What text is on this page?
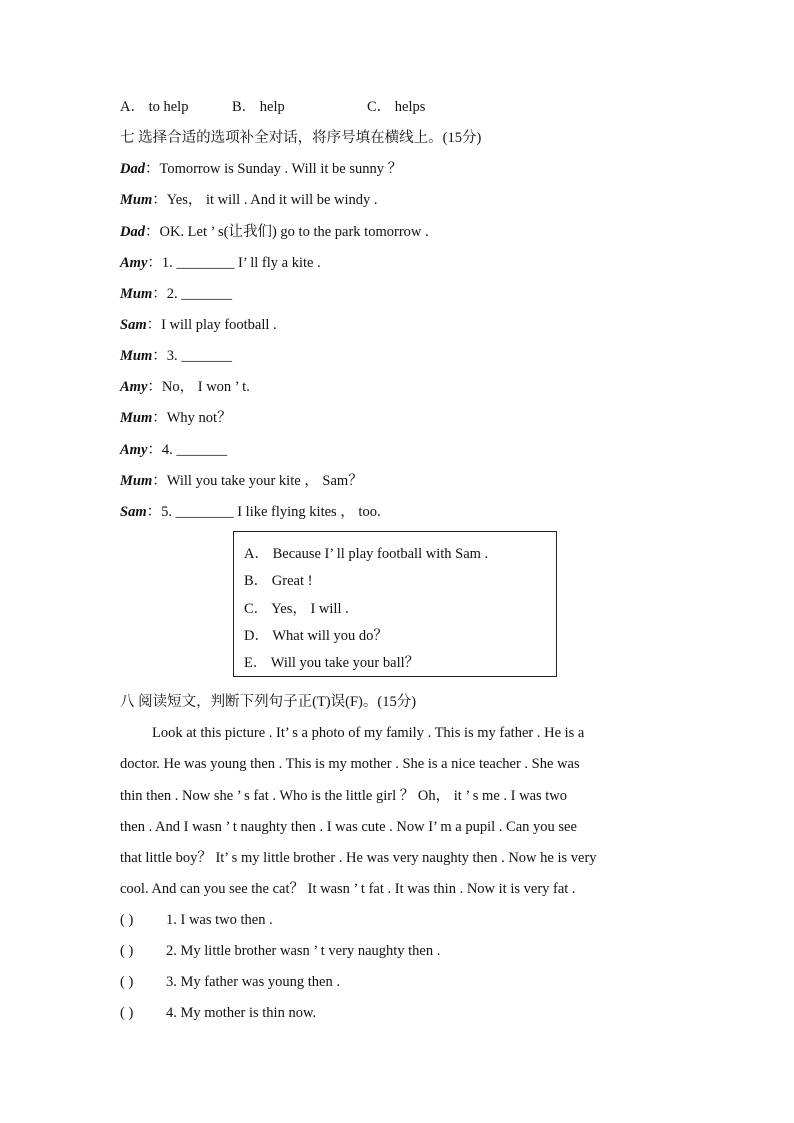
A． to help	B． help	C． helps
七 选择合适的选项补全对话，将序号填在横线上。(15分)
Dad：Tomorrow is Sunday . Will it be sunny ？
Mum：Yes， it will . And it will be windy .
Dad：OK. Let ’ s(让我们) go to the park tomorrow .
Amy：1. ________ I’ ll fly a kite .
Mum：2. _______
Sam：I will play football .
Mum：3. _______
Amy：No， I won ’ t.
Mum：Why not？
Amy：4. _______
Mum：Will you take your kite ， Sam？
Sam：5. ________ I like flying kites ， too.
A． Because I’ ll play football with Sam .
B． Great !
C． Yes， I will .
D． What will you do？
E． Will you take your ball？
八 阅读短文，判断下列句子正(T)误(F)。(15分)
Look at this picture . It’ s a photo of my family . This is my father . He is a
doctor. He was young then . This is my mother . She is a nice teacher . She was
thin then . Now she ’ s fat . Who is the little girl ？ Oh， it ’ s me . I was two
then . And I wasn ’ t naughty then . I was cute . Now I’ m a pupil . Can you see
that little boy？ It’ s my little brother . He was very naughty then . Now he is very
cool. And can you see the cat？ It wasn ’ t fat . It was thin . Now it is very fat .
( ) 1. I was two then .
( ) 2. My little brother wasn ’ t very naughty then .
( ) 3. My father was young then .
( ) 4. My mother is thin now.
